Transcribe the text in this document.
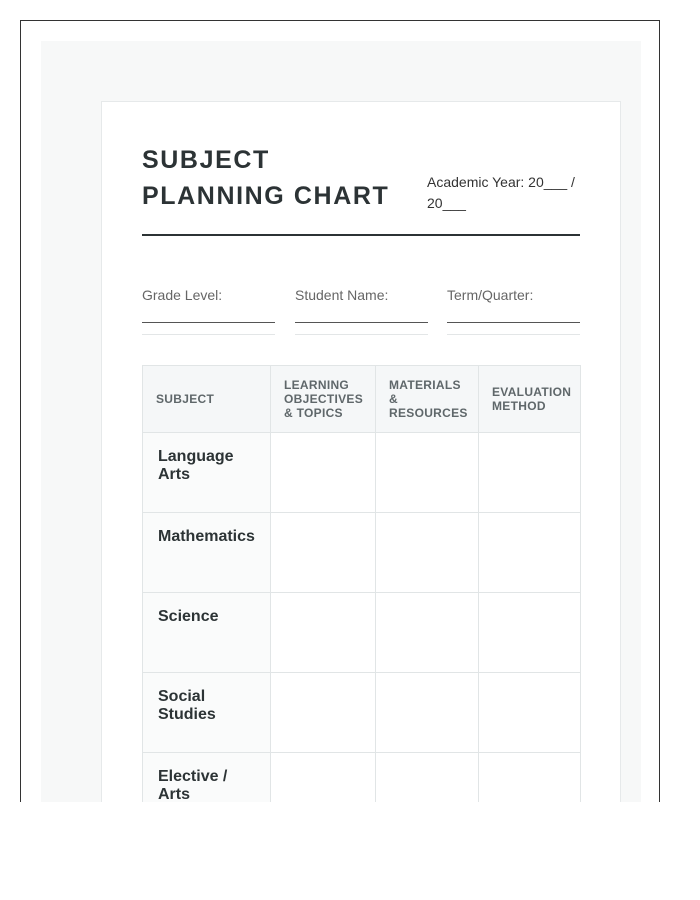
SUBJECT PLANNING CHART	Academic Year: 20___ / 20___
Grade Level:	Student Name:	Term/Quarter:
SUBJECT	LEARNING OBJECTIVES & TOPICS	MATERIALS & RESOURCES	EVALUATION METHOD

Language Arts			

Mathematics			

Science			

Social Studies			

Elective / Arts			
